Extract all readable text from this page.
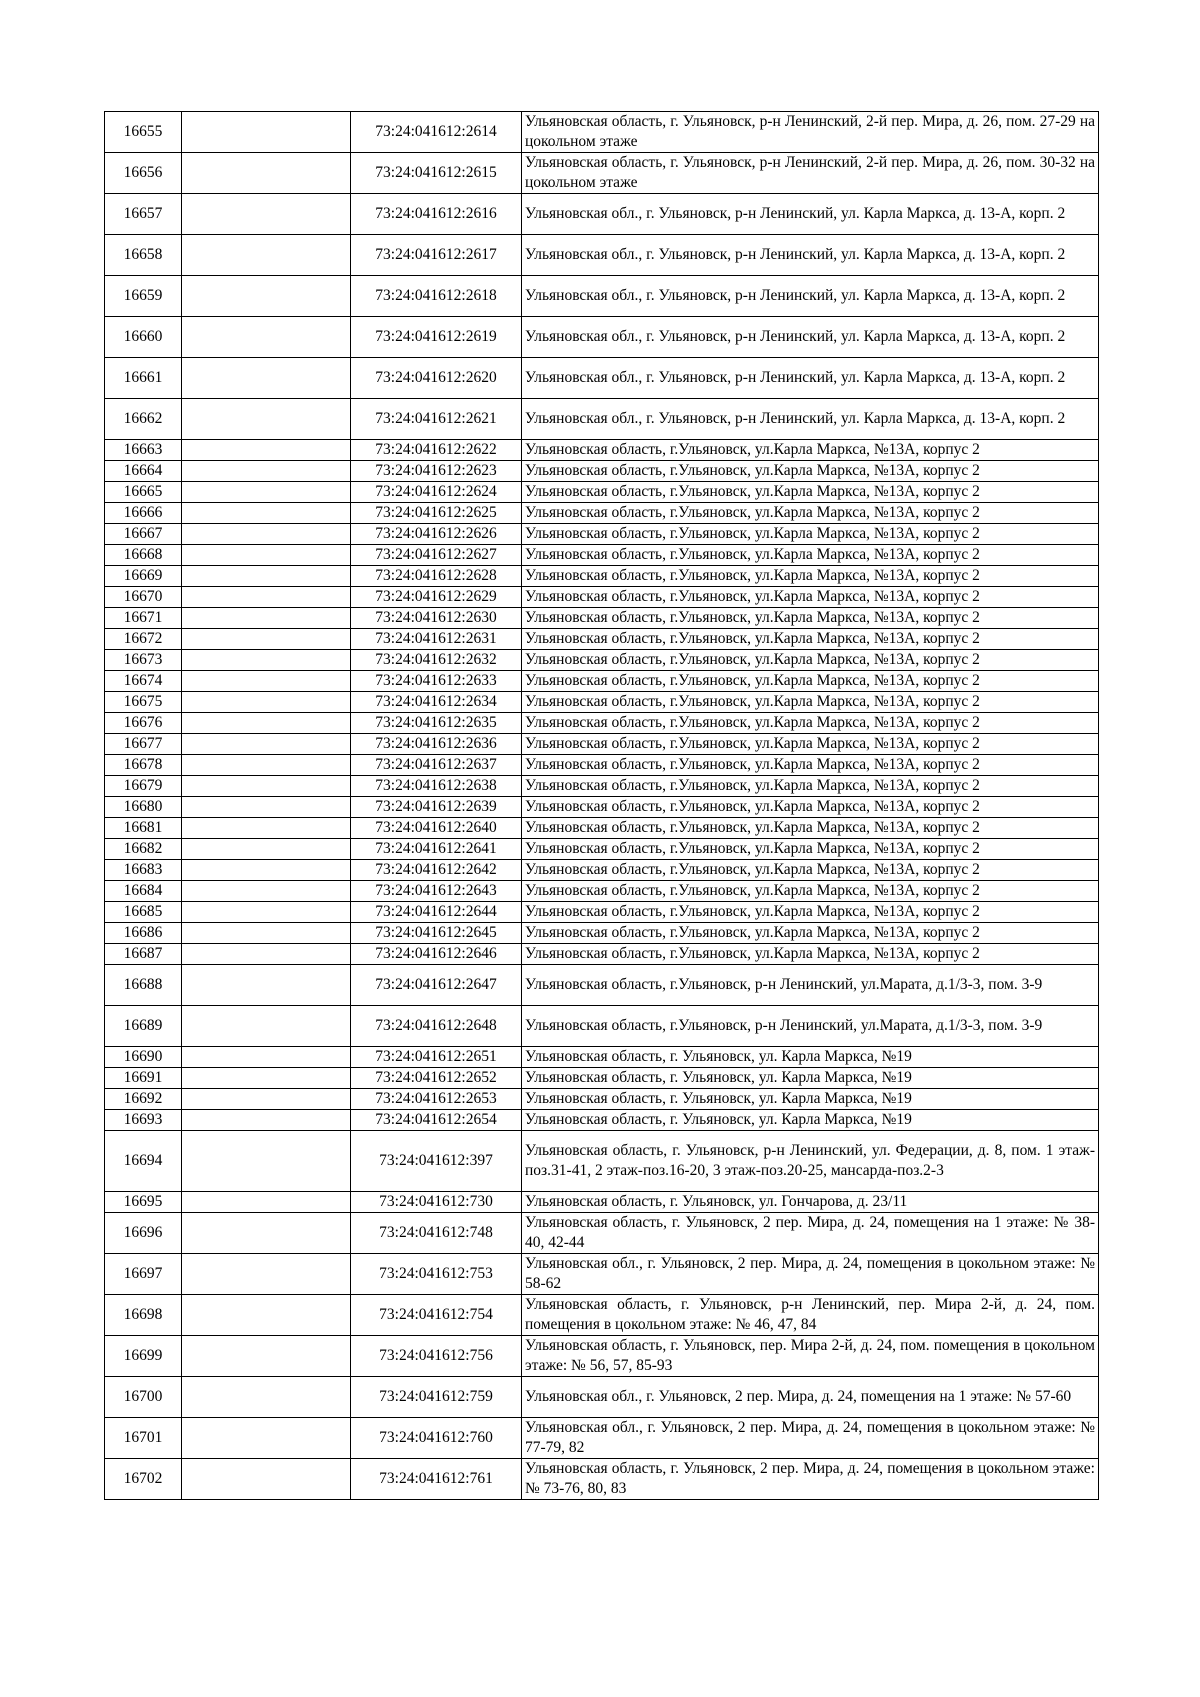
16655		73:24:041612:2614	Ульяновская область, г. Ульяновск, р-н Ленинский, 2-й пер. Мира, д. 26, пом. 27-29 на цокольном этаже
16656		73:24:041612:2615	Ульяновская область, г. Ульяновск, р-н Ленинский, 2-й пер. Мира, д. 26, пом. 30-32 на цокольном этаже
16657		73:24:041612:2616	Ульяновская обл., г. Ульяновск, р-н Ленинский, ул. Карла Маркса, д. 13-А, корп. 2
16658		73:24:041612:2617	Ульяновская обл., г. Ульяновск, р-н Ленинский, ул. Карла Маркса, д. 13-А, корп. 2
16659		73:24:041612:2618	Ульяновская обл., г. Ульяновск, р-н Ленинский, ул. Карла Маркса, д. 13-А, корп. 2
16660		73:24:041612:2619	Ульяновская обл., г. Ульяновск, р-н Ленинский, ул. Карла Маркса, д. 13-А, корп. 2
16661		73:24:041612:2620	Ульяновская обл., г. Ульяновск, р-н Ленинский, ул. Карла Маркса, д. 13-А, корп. 2
16662		73:24:041612:2621	Ульяновская обл., г. Ульяновск, р-н Ленинский, ул. Карла Маркса, д. 13-А, корп. 2
16663		73:24:041612:2622	Ульяновская область, г.Ульяновск, ул.Карла Маркса, №13А, корпус 2
16664		73:24:041612:2623	Ульяновская область, г.Ульяновск, ул.Карла Маркса, №13А, корпус 2
16665		73:24:041612:2624	Ульяновская область, г.Ульяновск, ул.Карла Маркса, №13А, корпус 2
16666		73:24:041612:2625	Ульяновская область, г.Ульяновск, ул.Карла Маркса, №13А, корпус 2
16667		73:24:041612:2626	Ульяновская область, г.Ульяновск, ул.Карла Маркса, №13А, корпус 2
16668		73:24:041612:2627	Ульяновская область, г.Ульяновск, ул.Карла Маркса, №13А, корпус 2
16669		73:24:041612:2628	Ульяновская область, г.Ульяновск, ул.Карла Маркса, №13А, корпус 2
16670		73:24:041612:2629	Ульяновская область, г.Ульяновск, ул.Карла Маркса, №13А, корпус 2
16671		73:24:041612:2630	Ульяновская область, г.Ульяновск, ул.Карла Маркса, №13А, корпус 2
16672		73:24:041612:2631	Ульяновская область, г.Ульяновск, ул.Карла Маркса, №13А, корпус 2
16673		73:24:041612:2632	Ульяновская область, г.Ульяновск, ул.Карла Маркса, №13А, корпус 2
16674		73:24:041612:2633	Ульяновская область, г.Ульяновск, ул.Карла Маркса, №13А, корпус 2
16675		73:24:041612:2634	Ульяновская область, г.Ульяновск, ул.Карла Маркса, №13А, корпус 2
16676		73:24:041612:2635	Ульяновская область, г.Ульяновск, ул.Карла Маркса, №13А, корпус 2
16677		73:24:041612:2636	Ульяновская область, г.Ульяновск, ул.Карла Маркса, №13А, корпус 2
16678		73:24:041612:2637	Ульяновская область, г.Ульяновск, ул.Карла Маркса, №13А, корпус 2
16679		73:24:041612:2638	Ульяновская область, г.Ульяновск, ул.Карла Маркса, №13А, корпус 2
16680		73:24:041612:2639	Ульяновская область, г.Ульяновск, ул.Карла Маркса, №13А, корпус 2
16681		73:24:041612:2640	Ульяновская область, г.Ульяновск, ул.Карла Маркса, №13А, корпус 2
16682		73:24:041612:2641	Ульяновская область, г.Ульяновск, ул.Карла Маркса, №13А, корпус 2
16683		73:24:041612:2642	Ульяновская область, г.Ульяновск, ул.Карла Маркса, №13А, корпус 2
16684		73:24:041612:2643	Ульяновская область, г.Ульяновск, ул.Карла Маркса, №13А, корпус 2
16685		73:24:041612:2644	Ульяновская область, г.Ульяновск, ул.Карла Маркса, №13А, корпус 2
16686		73:24:041612:2645	Ульяновская область, г.Ульяновск, ул.Карла Маркса, №13А, корпус 2
16687		73:24:041612:2646	Ульяновская область, г.Ульяновск, ул.Карла Маркса, №13А, корпус 2
16688		73:24:041612:2647	Ульяновская область, г.Ульяновск, р-н Ленинский, ул.Марата, д.1/3-3, пом. 3-9
16689		73:24:041612:2648	Ульяновская область, г.Ульяновск, р-н Ленинский, ул.Марата, д.1/3-3, пом. 3-9
16690		73:24:041612:2651	Ульяновская область, г. Ульяновск, ул. Карла Маркса, №19
16691		73:24:041612:2652	Ульяновская область, г. Ульяновск, ул. Карла Маркса, №19
16692		73:24:041612:2653	Ульяновская область, г. Ульяновск, ул. Карла Маркса, №19
16693		73:24:041612:2654	Ульяновская область, г. Ульяновск, ул. Карла Маркса, №19
16694		73:24:041612:397	Ульяновская область, г. Ульяновск, р-н Ленинский, ул. Федерации, д. 8, пом. 1 этаж-поз.31-41, 2 этаж-поз.16-20, 3 этаж-поз.20-25, мансарда-поз.2-3
16695		73:24:041612:730	Ульяновская область, г. Ульяновск, ул. Гончарова, д. 23/11
16696		73:24:041612:748	Ульяновская область, г. Ульяновск, 2 пер. Мира, д. 24, помещения на 1 этаже: № 38-40, 42-44
16697		73:24:041612:753	Ульяновская обл., г. Ульяновск, 2 пер. Мира, д. 24, помещения в цокольном этаже: № 58-62
16698		73:24:041612:754	Ульяновская область, г. Ульяновск, р-н Ленинский, пер. Мира 2-й, д. 24, пом. помещения в цокольном этаже: № 46, 47, 84
16699		73:24:041612:756	Ульяновская область, г. Ульяновск, пер. Мира 2-й, д. 24, пом. помещения в цокольном этаже: № 56, 57, 85-93
16700		73:24:041612:759	Ульяновская обл., г. Ульяновск, 2 пер. Мира, д. 24, помещения на 1 этаже: № 57-60
16701		73:24:041612:760	Ульяновская обл., г. Ульяновск, 2 пер. Мира, д. 24, помещения в цокольном этаже: № 77-79, 82
16702		73:24:041612:761	Ульяновская область, г. Ульяновск, 2 пер. Мира, д. 24, помещения в цокольном этаже: № 73-76, 80, 83
